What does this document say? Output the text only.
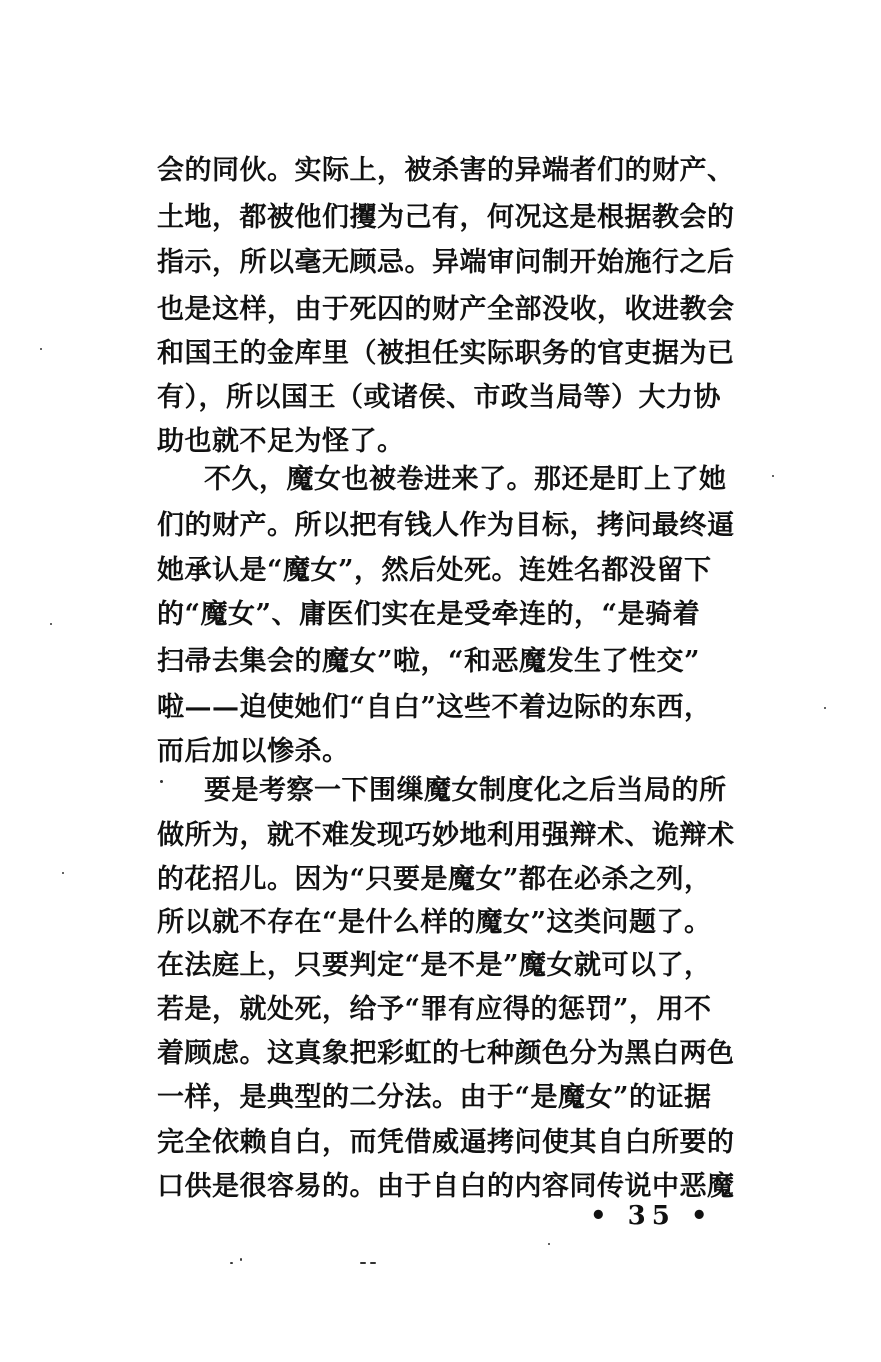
会的同伙。实际上，被杀害的异端者们的财产、
土地，都被他们攫为己有，何况这是根据教会的
指示，所以毫无顾忌。异端审问制开始施行之后
也是这样，由于死囚的财产全部没收，收进教会
和国王的金库里（被担任实际职务的官吏据为已
有），所以国王（或诸侯、市政当局等）大力协
助也就不足为怪了。
不久，魔女也被卷进来了。那还是盯上了她
们的财产。所以把有钱人作为目标，拷问最终逼
她承认是“魔女”，然后处死。连姓名都没留下
的“魔女”、庸医们实在是受牵连的，“是骑着
扫帚去集会的魔女”啦，“和恶魔发生了性交”
啦——迫使她们“自白”这些不着边际的东西，
而后加以惨杀。
要是考察一下围缫魔女制度化之后当局的所
做所为，就不难发现巧妙地利用强辩术、诡辩术
的花招儿。因为“只要是魔女”都在必杀之列，
所以就不存在“是什么样的魔女”这类问题了。
在法庭上，只要判定“是不是”魔女就可以了，
若是，就处死，给予“罪有应得的惩罚”，用不
着顾虑。这真象把彩虹的七种颜色分为黑白两色
一样，是典型的二分法。由于“是魔女”的证据
完全依赖自白，而凭借威逼拷问使其自白所要的
口供是很容易的。由于自白的内容同传说中恶魔
• 35 •
